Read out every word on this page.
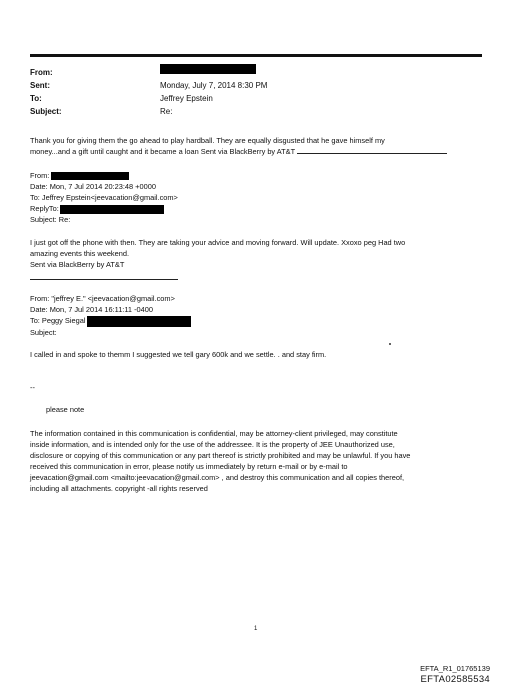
From:
Sent:	Monday, July 7, 2014 8:30 PM
To:	Jeffrey Epstein
Subject:	Re:

Thank you for giving them the go ahead to play hardball. They are equally disgusted that he gave himself my

money...and a gift until caught and it became a loan Sent via BlackBerry by AT&T

From:

Date: Mon, 7 Jul 2014 20:23:48 +0000

To: Jeffrey Epstein<jeevacation@gmail.com>

ReplyTo:

Subject: Re:

I just got off the phone with then. They are taking your advice and moving forward. Will update. Xxoxo peg Had two

amazing events this weekend.

Sent via BlackBerry by AT&T

From: "jeffrey E." <jeevacation@gmail.com>

Date: Mon, 7 Jul 2014 16:11:11 -0400

To: Peggy Siegal

Subject:

I called in and spoke to themm I suggested we tell gary 600k and we settle. . and stay firm.

--

please note

The information contained in this communication is confidential, may be attorney-client privileged, may constitute

inside information, and is intended only for the use of the addressee. It is the property of JEE Unauthorized use,

disclosure or copying of this communication or any part thereof is strictly prohibited and may be unlawful. If you have

received this communication in error, please notify us immediately by return e-mail or by e-mail to

jeevacation@gmail.com <mailto:jeevacation@gmail.com> , and destroy this communication and all copies thereof,

including all attachments. copyright -all rights reserved

1
EFTA_R1_01765139
EFTA02585534
